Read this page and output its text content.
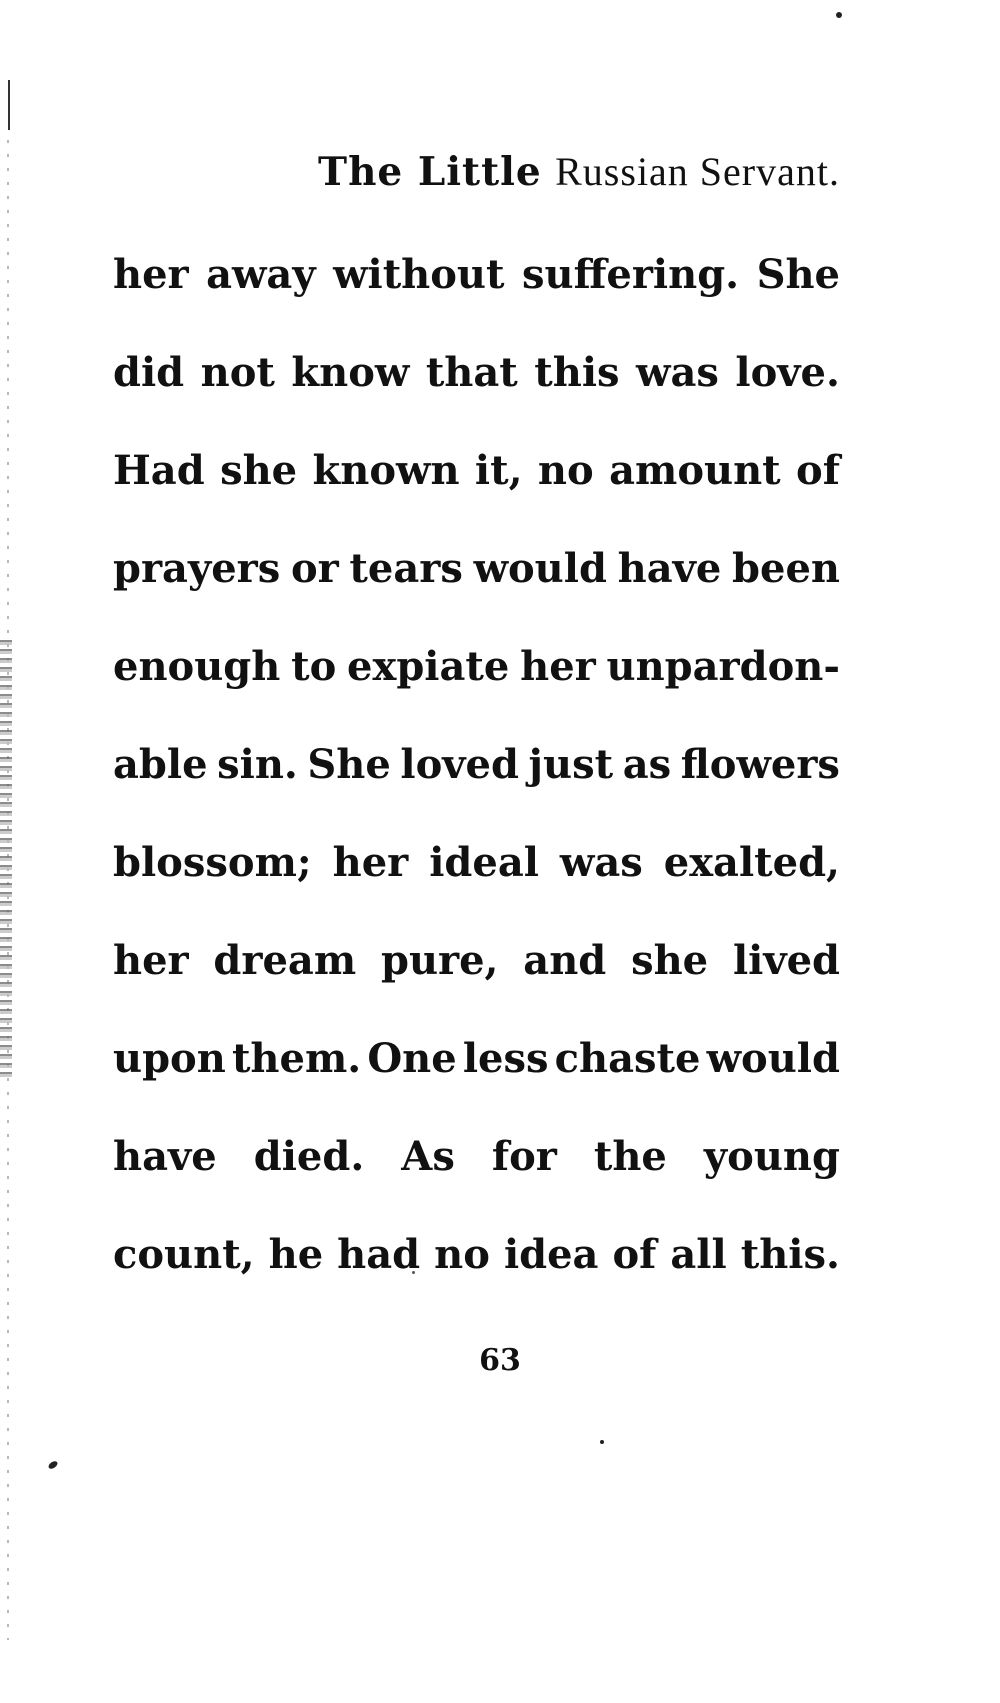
The Little Russian Servant.
her away without suffering. She
did not know that this was love.
Had she known it, no amount of
prayers or tears would have been
enough to expiate her unpardon-
able sin. She loved just as flowers
blossom; her ideal was exalted,
her dream pure, and she lived
upon them. One less chaste would
have died. As for the young
count, he had no idea of all this.
63
